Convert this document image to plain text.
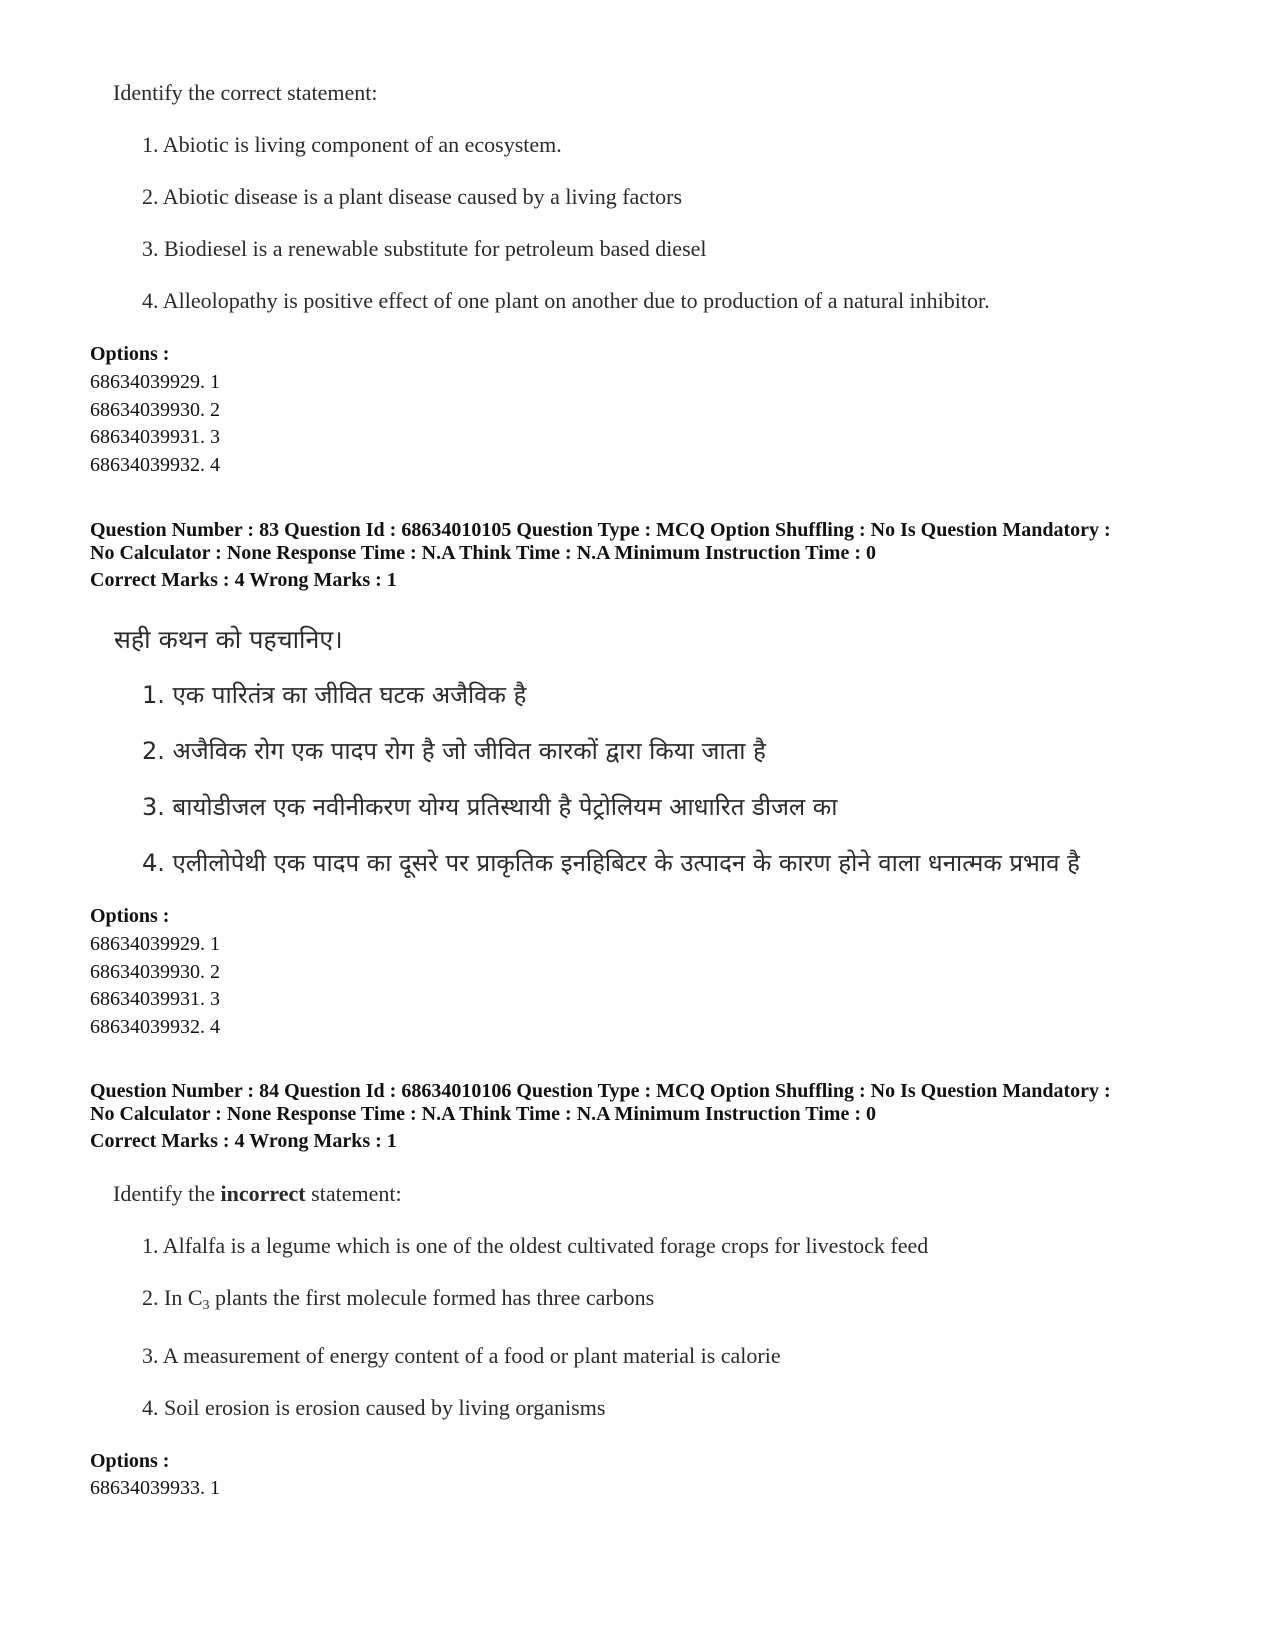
Identify the correct statement:
1. Abiotic is living component of an ecosystem.
2. Abiotic disease is a plant disease caused by a living factors
3. Biodiesel is a renewable substitute for petroleum based diesel
4. Alleolopathy is positive effect of one plant on another due to production of a natural inhibitor.
Options :
68634039929. 1
68634039930. 2
68634039931. 3
68634039932. 4
Question Number : 83 Question Id : 68634010105 Question Type : MCQ Option Shuffling : No Is Question Mandatory :
No Calculator : None Response Time : N.A Think Time : N.A Minimum Instruction Time : 0
Correct Marks : 4 Wrong Marks : 1
सही कथन को पहचानिए।
1. एक पारितंत्र का जीवित घटक अजैविक है
2. अजैविक रोग एक पादप रोग है जो जीवित कारकों द्वारा किया जाता है
3. बायोडीजल एक नवीनीकरण योग्य प्रतिस्थायी है पेट्रोलियम आधारित डीजल का
4. एलीलोपेथी एक पादप का दूसरे पर प्राकृतिक इनहिबिटर के उत्पादन के कारण होने वाला धनात्मक प्रभाव है
Options :
68634039929. 1
68634039930. 2
68634039931. 3
68634039932. 4
Question Number : 84 Question Id : 68634010106 Question Type : MCQ Option Shuffling : No Is Question Mandatory :
No Calculator : None Response Time : N.A Think Time : N.A Minimum Instruction Time : 0
Correct Marks : 4 Wrong Marks : 1
Identify the incorrect statement:
1. Alfalfa is a legume which is one of the oldest cultivated forage crops for livestock feed
2. In $C_3$ plants the first molecule formed has three carbons
3. A measurement of energy content of a food or plant material is calorie
4. Soil erosion is erosion caused by living organisms
Options :
68634039933. 1
